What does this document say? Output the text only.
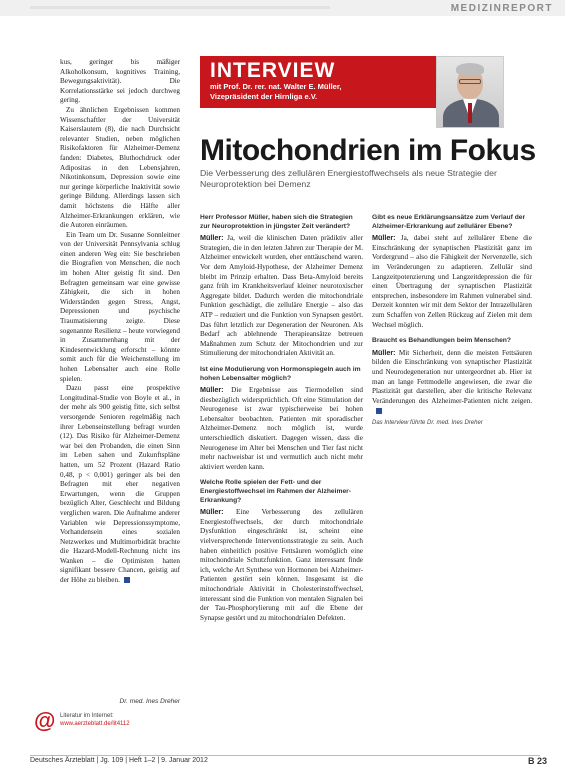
MEDIZINREPORT

kus, geringer bis mäßiger Alkoholkonsum, kognitives Training, Bewegungsaktivität). Die Korrelationsstärke sei jedoch durchweg gering.

Zu ähnlichen Ergebnissen kommen Wissenschaftler der Universität Kaiserslautern (8), die nach Durchsicht relevanter Studien, neben möglichen Risikofaktoren für Alzheimer-Demenz fanden: Diabetes, Bluthochdruck oder Adipositas in den Lebensjahren, Nikotinkonsum, Depression sowie eine nur geringe körperliche Inaktivität sowie geringe Bildung. Allerdings lassen sich damit höchstens die Hälfte aller Alzheimer-Erkrankungen erklären, wie die Autoren einräumen.

Ein Team um Dr. Susanne Sonnleitner von der Universität Pennsylvania schlug einen anderen Weg ein: Sie beschrieben die Biografien von Menschen, die noch im hohen Alter geistig fit sind. Den Befragten gemeinsam war eine gewisse Zähigkeit, die sich in hohen Widerständen gegen Stress, Angst, Depressionen und psychische Traumatisierung zeigte. Diese sogenannte Resilienz – heute vorwiegend in Zusammenhang mit der Kindesentwicklung erforscht – könnte somit auch für die Weichenstellung im hohen Lebensalter auch eine Rolle spielen.

Dazu passt eine prospektive Longitudinal-Studie von Boyle et al., in der mehr als 900 geistig fitte, sich selbst versorgende Senioren regelmäßig nach ihrer Lebenseinstellung befragt wurden (12). Das Risiko für Alzheimer-Demenz war bei den Probanden, die einen Sinn im Leben sahen und Zukunftspläne hatten, um 52 Prozent (Hazard Ratio 0,48, p < 0,001) geringer als bei den Befragten mit eher negativen Erwartungen, wenn die Gruppen bezüglich Alter, Geschlecht und Bildung verglichen waren. Die Aufnahme anderer Variablen wie Depressionssymptome, Vorhandensein eines sozialen Netzwerkes und Multimorbidität brachte die Hazard-Modell-Rechnung nicht ins Wanken – die Optimisten hatten signifikant bessere Chancen, geistig auf der Höhe zu bleiben.

Dr. med. Ines Dreher
@ Literatur im Internet:
www.aerzteblatt.de/lit4112
INTERVIEW
mit Prof. Dr. rer. nat. Walter E. Müller,
Vizepräsident der Hirnliga e.V.
Mitochondrien im Fokus
Die Verbesserung des zellulären Energiestoffwechsels als neue Strategie der Neuroprotektion bei Demenz
Herr Professor Müller, haben sich die Strategien zur Neuroprotektion in jüngster Zeit verändert?

Müller: Ja, weil die klinischen Daten prädiktiv aller Strategien, die in den letzten Jahren zur Therapie der M. Alzheimer entwickelt wurden, eher enttäuschend waren. Vor dem Amyloid-Hypothese, der Alzheimer Demenz bleibt im Prinzip erhalten. Dass Beta-Amyloid bereits ganz früh im Krankheitsverlauf kleiner neurotoxischer Aggregate bildet. Dadurch werden die mitochondriale Funktion geschädigt, die zelluläre Energie – also das ATP – reduziert und die Funktion von Synapsen gestört. Das führt letztlich zur Degeneration der Neuronen. Als Bedarf ach ablehnende Therapieansätze betreuen Maßnahmen zum Schutz der Mitochondrien und zur Stimulierung der mitochondrialen Aktivität an.

Ist eine Modulierung von Hormonspiegeln auch im hohen Lebensalter möglich?

Müller: Die Ergebnisse aus Tiermodellen sind diesbezüglich widersprüchlich. Oft eine Stimulation der Neurogenese ist zwar typischerweise bei hohen Lebensalter beobachten. Patienten mit sporadischer Alzheimer-Demenz noch möglich ist, wurde unterschiedlich diskutiert. Dagegen wissen, dass die Neurogenese im Alter bei Menschen und Tier fast nicht mehr nachweisbar ist und vermutlich auch nicht mehr aktiviert werden kann.

Welche Rolle spielen der Fett- und der Energiestoffwechsel im Rahmen der Alzheimer-Erkrankung?

Müller: Eine Verbesserung des zellulären Energiestoffwechsels, der durch mitochondriale Dysfunktion eingeschränkt ist, scheint eine vielversprechende Interventionsstrategie zu sein. Auch haben einheitlich positive Fettsäuren womöglich eine mitochondriale Schutzfunktion. Ganz interessant finde ich, welche Art Synthese von Hormonen bei Alzheimer-Patienten gestört sein können. Insgesamt ist die mitochondriale Aktivität in Cholesterinstoffwechsel, interessant sind die Funktion von mentalen Signalen bei der Tau-Phosphorylierung mit auf die Ebene der Synapse gestört und zu mitochondrialen Defekten.

Gibt es neue Erklärungsansätze zum Verlauf der Alzheimer-Erkrankung auf zellulärer Ebene?

Müller: Ja, dabei steht auf zellulärer Ebene die Einschränkung der synaptischen Plastizität ganz im Vordergrund – also die Fähigkeit der Nervenzelle, sich im Veränderungen zu adaptieren. Zellulär sind Langzeitpotenzierung und Langzeitdepression die für einen Übertragung der synaptischen Plastizität entsprechen, insbesondere im Rahmen vulnerabel sind. Derzeit konnten wir mit dem Sektor der Intrazellulären zum Schaffen von Zellen Rückzug auf Zielen mit dem Wechsel möglich.

Braucht es Behandlungen beim Menschen?

Müller: Mit Sicherheit, denn die meisten Fettsäuren bilden die Einschränkung von synaptischer Plastizität und Neurodegeneration nur untergeordnet ab. Hier ist man an lange Fettmodelle angewiesen, die zwar die Plastizität gut darstellen, aber die kritische Relevanz Veränderungen des Alzheimer-Patienten nicht zeigen.

Das Interview führte Dr. med. Ines Dreher
Deutsches Ärzteblatt | Jg. 109 | Heft 1–2 | 9. Januar 2012	B 23
